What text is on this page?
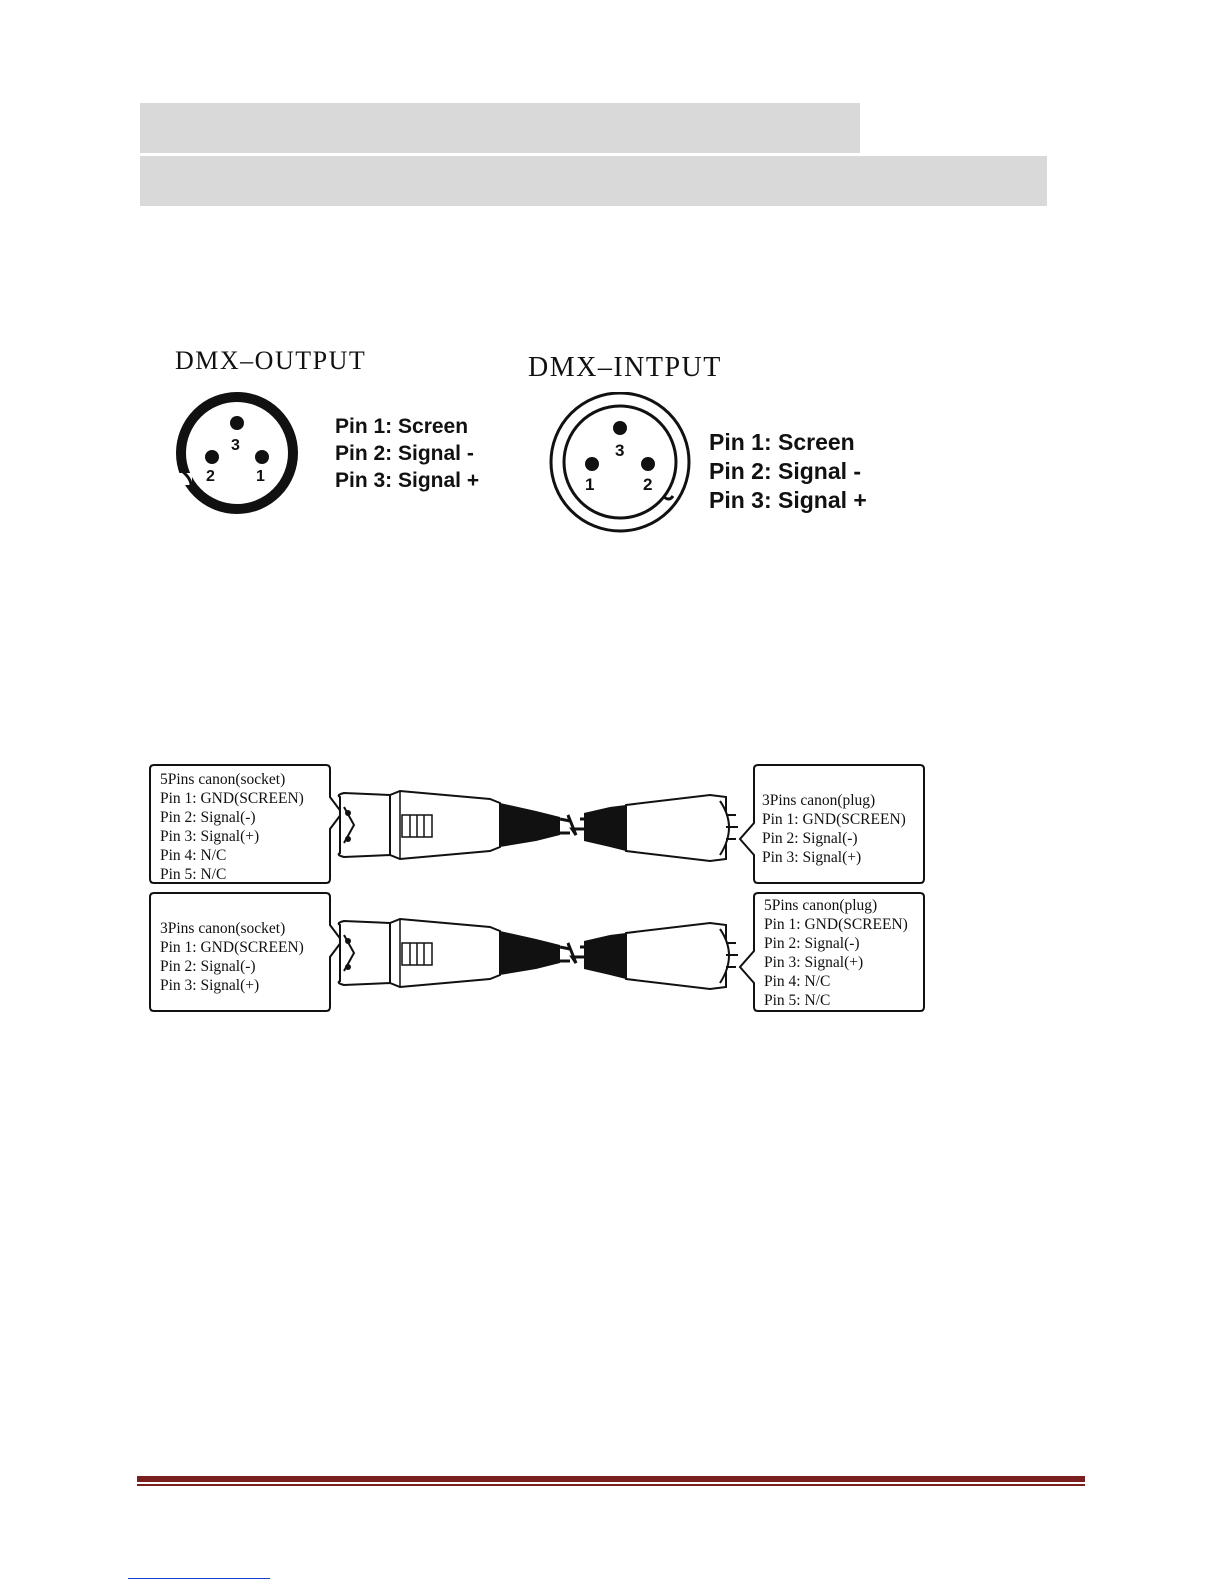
DMX–OUTPUT
3
2	1
Pin 1: Screen
Pin 2: Signal -
Pin 3: Signal +
DMX–INTPUT
3
1	2
Pin 1: Screen
Pin 2: Signal -
Pin 3: Signal +
5Pins canon(socket)
Pin 1: GND(SCREEN)
Pin 2: Signal(-)
Pin 3: Signal(+)
Pin 4: N/C
Pin 5: N/C
3Pins canon(plug)
Pin 1: GND(SCREEN)
Pin 2: Signal(-)
Pin 3: Signal(+)
3Pins canon(socket)
Pin 1: GND(SCREEN)
Pin 2: Signal(-)
Pin 3: Signal(+)
5Pins canon(plug)
Pin 1: GND(SCREEN)
Pin 2: Signal(-)
Pin 3: Signal(+)
Pin 4: N/C
Pin 5: N/C
